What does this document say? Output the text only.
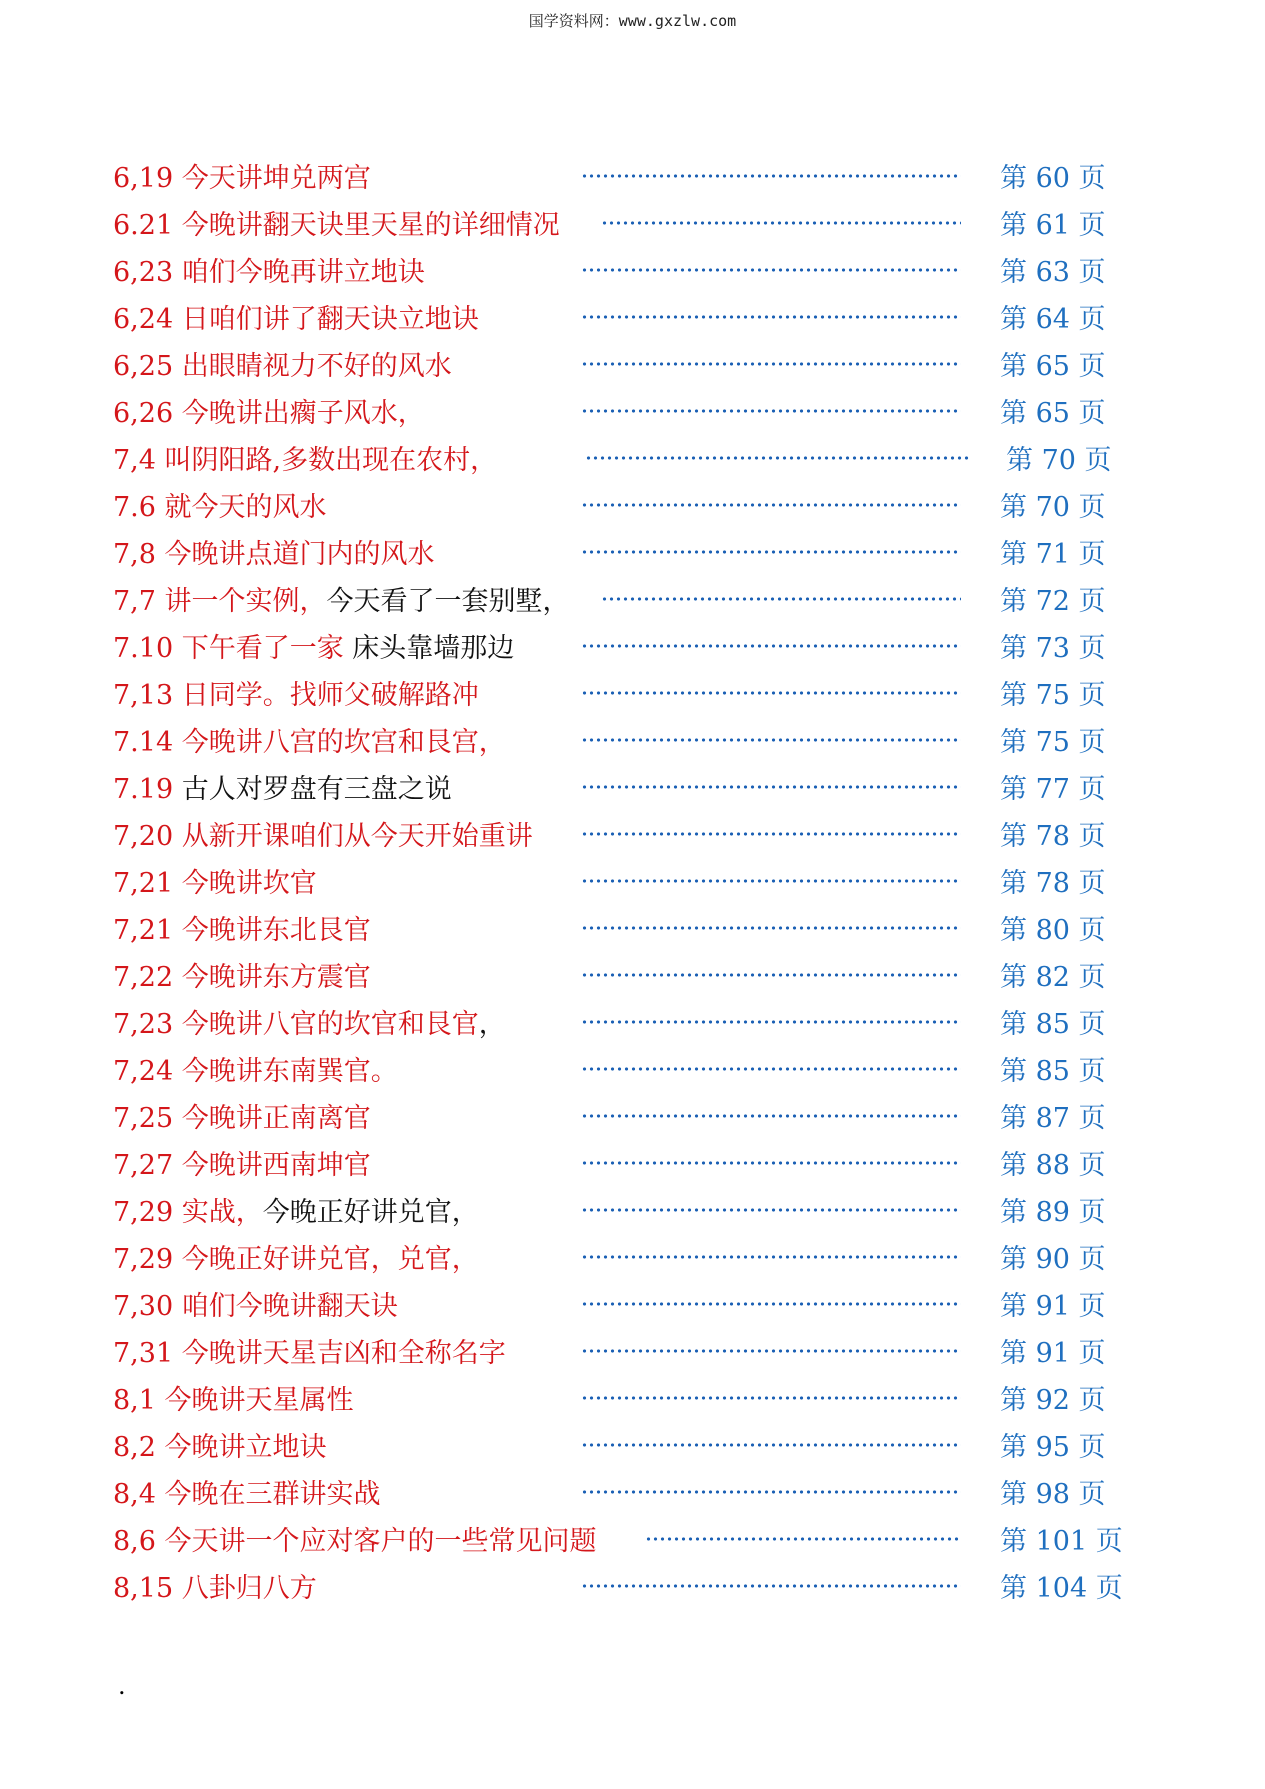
国学资料网：www.gxzlw.com
6,19 今天讲坤兑两宫	第 60 页
6.21 今晚讲翻天诀里天星的详细情况	第 61 页
6,23 咱们今晚再讲立地诀	第 63 页
6,24 日咱们讲了翻天诀立地诀	第 64 页
6,25 出眼睛视力不好的风水	第 65 页
6,26 今晚讲出瘸子风水，	第 65 页
7,4 叫阴阳路,多数出现在农村，	第 70 页
7.6 就今天的风水	第 70 页
7,8 今晚讲点道门内的风水	第 71 页
7,7 讲一个实例，今天看了一套别墅，	第 72 页
7.10 下午看了一家 床头靠墙那边	第 73 页
7,13 日同学。找师父破解路冲	第 75 页
7.14 今晚讲八宫的坎宫和艮宫，	第 75 页
7.19 古人对罗盘有三盘之说	第 77 页
7,20 从新开课咱们从今天开始重讲	第 78 页
7,21 今晚讲坎官	第 78 页
7,21 今晚讲东北艮官	第 80 页
7,22 今晚讲东方震官	第 82 页
7,23 今晚讲八官的坎官和艮官，	第 85 页
7,24 今晚讲东南巽官。	第 85 页
7,25 今晚讲正南离官	第 87 页
7,27 今晚讲西南坤官	第 88 页
7,29 实战，今晚正好讲兑官，	第 89 页
7,29 今晚正好讲兑官，兑官，	第 90 页
7,30 咱们今晚讲翻天诀	第 91 页
7,31 今晚讲天星吉凶和全称名字	第 91 页
8,1 今晚讲天星属性	第 92 页
8,2 今晚讲立地诀	第 95 页
8,4 今晚在三群讲实战	第 98 页
8,6 今天讲一个应对客户的一些常见问题	第 101 页
8,15 八卦归八方	第 104 页
.
